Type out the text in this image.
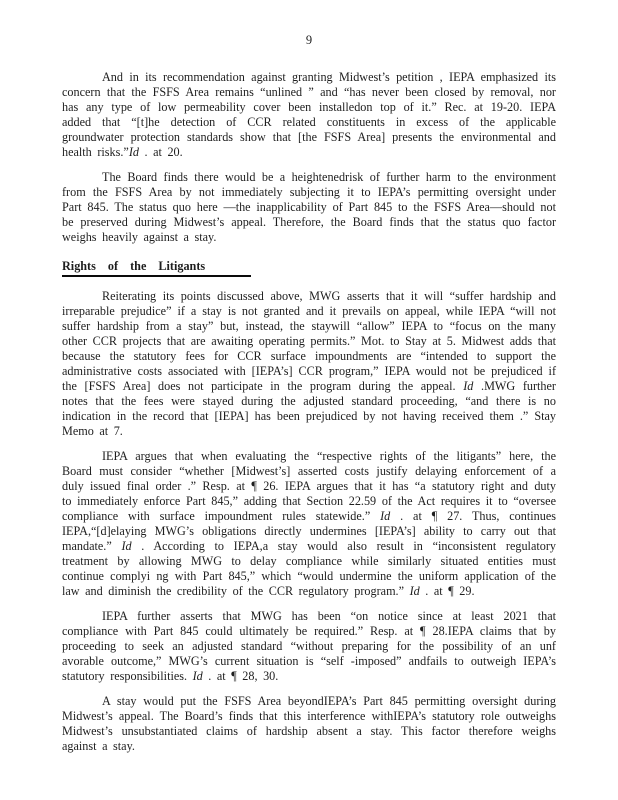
9

And in its recommendation against granting Midwest’s petition , IEPA emphasized its concern that the FSFS Area remains “unlined ” and “has never been closed by removal, nor has any type of low permeability cover been installedon top of it.” Rec. at 19-20. IEPA added that “[t]he detection of CCR related constituents in excess of the applicable groundwater protection standards show that [the FSFS Area] presents the environmental and health risks.”Id . at 20.

The Board finds there would be a heightenedrisk of further harm to the environment from the FSFS Area by not immediately subjecting it to IEPA’s permitting oversight under Part 845. The status quo here —the inapplicability of Part 845 to the FSFS Area—should not be preserved during Midwest’s appeal. Therefore, the Board finds that the status quo factor weighs heavily against a stay.

Rights of the Litigants

Reiterating its points discussed above, MWG asserts that it will “suffer hardship and irreparable prejudice” if a stay is not granted and it prevails on appeal, while IEPA “will not suffer hardship from a stay” but, instead, the staywill “allow” IEPA to “focus on the many other CCR projects that are awaiting operating permits.” Mot. to Stay at 5. Midwest adds that because the statutory fees for CCR surface impoundments are “intended to support the administrative costs associated with [IEPA’s] CCR program,” IEPA would not be prejudiced if the [FSFS Area] does not participate in the program during the appeal. Id .MWG further notes that the fees were stayed during the adjusted standard proceeding, “and there is no indication in the record that [IEPA] has been prejudiced by not having received them .” Stay Memo at 7.

IEPA argues that when evaluating the “respective rights of the litigants” here, the Board must consider “whether [Midwest’s] asserted costs justify delaying enforcement of a duly issued final order .” Resp. at ¶ 26. IEPA argues that it has “a statutory right and duty to immediately enforce Part 845,” adding that Section 22.59 of the Act requires it to “oversee compliance with surface impoundment rules statewide.” Id . at ¶ 27. Thus, continues IEPA,“[d]elaying MWG’s obligations directly undermines [IEPA’s] ability to carry out that mandate.” Id . According to IEPA,a stay would also result in “inconsistent regulatory treatment by allowing MWG to delay compliance while similarly situated entities must continue complyi ng with Part 845,” which “would undermine the uniform application of the law and diminish the credibility of the CCR regulatory program.” Id . at ¶ 29.

IEPA further asserts that MWG has been “on notice since at least 2021 that compliance with Part 845 could ultimately be required.” Resp. at ¶ 28.IEPA claims that by proceeding to seek an adjusted standard “without preparing for the possibility of an unf avorable outcome,” MWG’s current situation is “self -imposed” andfails to outweigh IEPA’s statutory responsibilities. Id . at ¶ 28, 30.

A stay would put the FSFS Area beyondIEPA’s Part 845 permitting oversight during Midwest’s appeal. The Board’s finds that this interference withIEPA’s statutory role outweighs Midwest’s unsubstantiated claims of hardship absent a stay. This factor therefore weighs against a stay.
